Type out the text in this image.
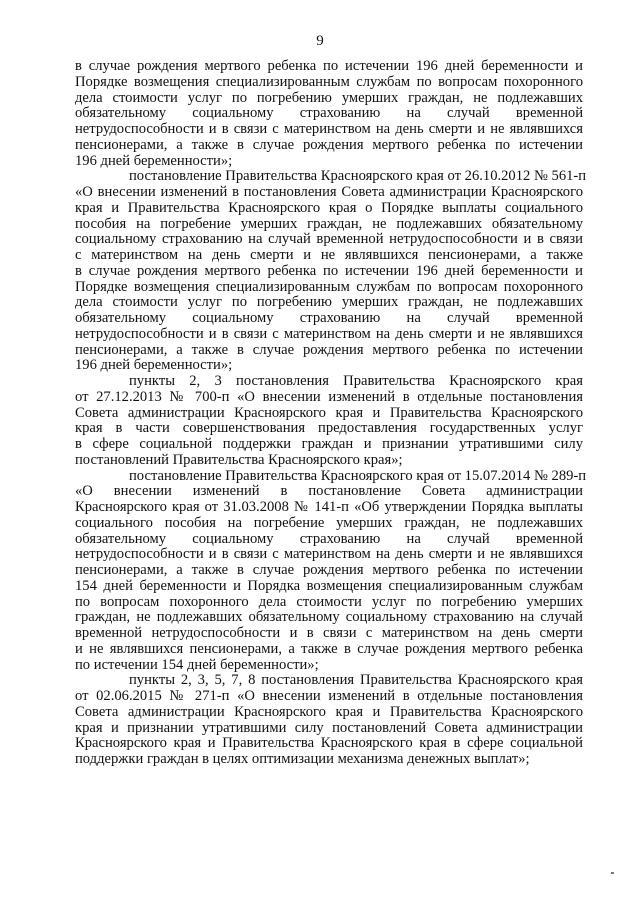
9
в случае рождения мертвого ребенка по истечении 196 дней беременности и
Порядке возмещения специализированным службам по вопросам похоронного
дела стоимости услуг по погребению умерших граждан, не подлежавших
обязательному социальному страхованию на случай временной
нетрудоспособности и в связи с материнством на день смерти и не являвшихся
пенсионерами, а также в случае рождения мертвого ребенка по истечении
196 дней беременности»;
постановление Правительства Красноярского края от 26.10.2012 № 561-п
«О внесении изменений в постановления Совета администрации Красноярского
края и Правительства Красноярского края о Порядке выплаты социального
пособия на погребение умерших граждан, не подлежавших обязательному
социальному страхованию на случай временной нетрудоспособности и в связи
с материнством на день смерти и не являвшихся пенсионерами, а также
в случае рождения мертвого ребенка по истечении 196 дней беременности и
Порядке возмещения специализированным службам по вопросам похоронного
дела стоимости услуг по погребению умерших граждан, не подлежавших
обязательному социальному страхованию на случай временной
нетрудоспособности и в связи с материнством на день смерти и не являвшихся
пенсионерами, а также в случае рождения мертвого ребенка по истечении
196 дней беременности»;
пункты 2, 3 постановления Правительства Красноярского края
от 27.12.2013 № 700-п «О внесении изменений в отдельные постановления
Совета администрации Красноярского края и Правительства Красноярского
края в части совершенствования предоставления государственных услуг
в сфере социальной поддержки граждан и признании утратившими силу
постановлений Правительства Красноярского края»;
постановление Правительства Красноярского края от 15.07.2014 № 289-п
«О внесении изменений в постановление Совета администрации
Красноярского края от 31.03.2008 № 141-п «Об утверждении Порядка выплаты
социального пособия на погребение умерших граждан, не подлежавших
обязательному социальному страхованию на случай временной
нетрудоспособности и в связи с материнством на день смерти и не являвшихся
пенсионерами, а также в случае рождения мертвого ребенка по истечении
154 дней беременности и Порядка возмещения специализированным службам
по вопросам похоронного дела стоимости услуг по погребению умерших
граждан, не подлежавших обязательному социальному страхованию на случай
временной нетрудоспособности и в связи с материнством на день смерти
и не являвшихся пенсионерами, а также в случае рождения мертвого ребенка
по истечении 154 дней беременности»;
пункты 2, 3, 5, 7, 8 постановления Правительства Красноярского края
от 02.06.2015 № 271-п «О внесении изменений в отдельные постановления
Совета администрации Красноярского края и Правительства Красноярского
края и признании утратившими силу постановлений Совета администрации
Красноярского края и Правительства Красноярского края в сфере социальной
поддержки граждан в целях оптимизации механизма денежных выплат»;
